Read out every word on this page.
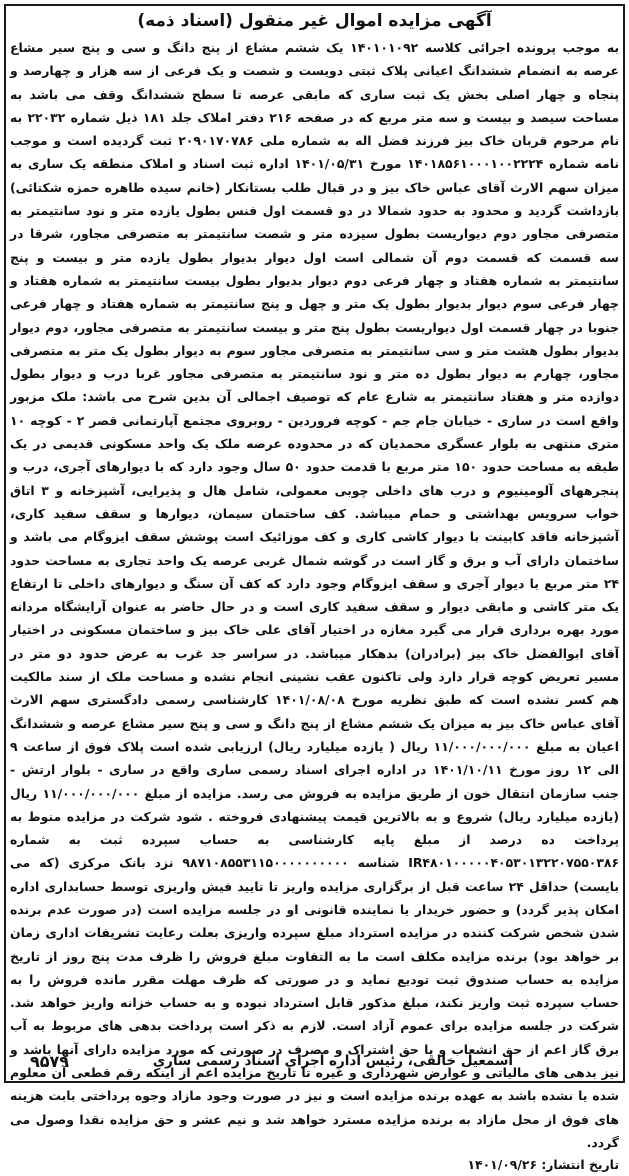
آگهی مزایده اموال غیر منقول (اسناد ذمه)
به موجب پرونده اجرائی کلاسه ۱۴۰۱۰۱۰۹۲ یک ششم مشاع از پنج دانگ و سی و پنج سیر مشاع عرصه به انضمام ششدانگ اعیانی پلاک ثبتی دویست و شصت و یک فرعی از سه هزار و چهارصد و پنجاه و چهار اصلی بخش یک ثبت ساری که مابقی عرصه تا سطح ششدانگ وقف می باشد به مساحت سیصد و بیست و سه متر مربع که در صفحه ۲۱۶ دفتر املاک جلد ۱۸۱ ذیل شماره ۲۲۰۳۲ به نام مرحوم قربان خاک بیز فرزند فضل اله به شماره ملی ۲۰۹۰۱۷۰۷۸۶ ثبت گردیده است و موجب نامه شماره ۱۴۰۱۸۵۶۱۰۰۰۱۰۰۲۲۲۴ مورخ ۱۴۰۱/۰۵/۳۱ اداره ثبت اسناد و املاک منطقه یک ساری به میزان سهم الارث آقای عباس خاک بیز و در قبال طلب بستانکار (خانم سیده طاهره حمزه شکتائی) بازداشت گردید و محدود به حدود شمالا در دو قسمت اول فنس بطول یازده متر و نود سانتیمتر به متصرفی مجاور دوم دیواریست بطول سیزده متر و شصت سانتیمتر به متصرفی مجاور، شرقا در سه قسمت که قسمت دوم آن شمالی است اول دیوار بدیوار بطول یازده متر و بیست و پنج سانتیمتر به شماره هفتاد و چهار فرعی دوم دیوار بدیوار بطول بیست سانتیمتر به شماره هفتاد و چهار فرعی سوم دیوار بدیوار بطول یک متر و چهل و پنج سانتیمتر به شماره هفتاد و چهار فرعی جنوبا در چهار قسمت اول دیواریست بطول پنج متر و بیست سانتیمتر به متصرفی مجاور، دوم دیوار بدیوار بطول هشت متر و سی سانتیمتر به متصرفی مجاور سوم به دیوار بطول یک متر به متصرفی مجاور، چهارم به دیوار بطول ده متر و نود سانتیمتر به متصرفی مجاور غربا درب و دیوار بطول دوازده متر و هفتاد سانتیمتر به شارع عام که توصیف اجمالی آن بدین شرح می باشد: ملک مزبور واقع است در ساری - خیابان جام جم - کوچه فروردین - روبروی مجتمع آپارتمانی قصر ۲ - کوچه ۱۰ متری منتهی به بلوار عسگری محمدیان که در محدوده عرصه ملک یک واحد مسکونی قدیمی در یک طبقه به مساحت حدود ۱۵۰ متر مربع با قدمت حدود ۵۰ سال وجود دارد که با دیوارهای آجری، درب و پنجرههای آلومینیوم و درب های داخلی چوبی معمولی، شامل هال و پذیرایی، آشپزخانه و ۳ اتاق خواب سرویس بهداشتی و حمام میباشد. کف ساختمان سیمان، دیوارها و سقف سفید کاری، آشپزخانه فاقد کابینت با دیوار کاشی کاری و کف موزائیک است پوشش سقف ایزوگام می باشد و ساختمان دارای آب و برق و گاز است در گوشه شمال غربی عرصه یک واحد تجاری به مساحت حدود ۲۴ متر مربع با دیوار آجری و سقف ایزوگام وجود دارد که کف آن سنگ و دیوارهای داخلی تا ارتفاع یک متر کاشی و مابقی دیوار و سقف سفید کاری است و در حال حاضر به عنوان آرایشگاه مردانه مورد بهره برداری قرار می گیرد مغازه در اختیار آقای علی خاک بیز و ساختمان مسکونی در اختیار آقای ابوالفضل خاک بیز (برادران) بدهکار میباشد. در سراسر جد غرب به عرض حدود دو متر در مسیر تعریض کوچه قرار دارد ولی تاکنون عقب نشینی انجام نشده و مساحت ملک از سند مالکیت هم کسر نشده است که طبق نظریه مورخ ۱۴۰۱/۰۸/۰۸ کارشناسی رسمی دادگستری سهم الارث آقای عباس خاک بیز به میزان یک ششم مشاع از پنج دانگ و سی و پنج سیر مشاع عرصه و ششدانگ اعیان به مبلغ ۱۱/۰۰۰/۰۰۰/۰۰۰ ریال ( یازده میلیارد ریال) ارزیابی شده است پلاک فوق از ساعت ۹ الی ۱۲ روز مورخ ۱۴۰۱/۱۰/۱۱ در اداره اجرای اسناد رسمی ساری واقع در ساری - بلوار ارتش - جنب سازمان انتقال خون از طریق مزایده به فروش می رسد. مزایده از مبلغ ۱۱/۰۰۰/۰۰۰/۰۰۰ ریال (یازده میلیارد ریال) شروع و به بالاترین قیمت پیشنهادی فروخته . شود شرکت در مزایده منوط به پرداخت ده درصد از مبلغ پایه کارشناسی به حساب سپرده ثبت به شماره IR۴۸۰۱۰۰۰۰۰۴۰۵۳۰۱۳۲۲۰۷۵۵۰۳۸۶ شناسه ۹۸۷۱۰۸۵۵۳۱۱۵۰۰۰۰۰۰۰۰۰۰ نزد بانک مرکزی (که می بایست) حداقل ۲۴ ساعت قبل از برگزاری مزایده واریز تا تایید فیش واریزی توسط حسابداری اداره امکان پذیر گردد) و حضور خریدار یا نماینده قانونی او در جلسه مزایده است (در صورت عدم برنده شدن شخص شرکت کننده در مزایده استرداد مبلغ سپرده واریزی بعلت رعایت تشریفات اداری زمان بر خواهد بود) برنده مزایده مکلف است ما به التفاوت مبلغ فروش را ظرف مدت پنج روز از تاریخ مزایده به حساب صندوق ثبت تودیع نماید و در صورتی که ظرف مهلت مقرر مانده فروش را به حساب سپرده ثبت واریز نکند، مبلغ مذکور قابل استرداد نبوده و به حساب خزانه واریز خواهد شد. شرکت در جلسه مزایده برای عموم آزاد است. لازم به ذکر است پرداخت بدهی های مربوط به آب برق گاز اعم از حق انشعاب و یا حق اشتراک و مصرف در صورتی که مورد مزایده دارای آنها باشد و نیز بدهی های مالیاتی و عوارض شهرداری و غیره تا تاریخ مزایده اعم از اینکه رقم قطعی آن معلوم شده یا نشده باشد به عهده برنده مزایده است و نیز در صورت وجود مازاد وجوه پرداختی بابت هزینه های فوق از محل مازاد به برنده مزایده مسترد خواهد شد و نیم عشر و حق مزایده نقدا وصول می گردد.
تاریخ انتشار: ۱۴۰۱/۰۹/۲۶
اسمعیل خالقی، رئیس اداره اجرای اسناد رسمی ساری
۹۵۷۹
